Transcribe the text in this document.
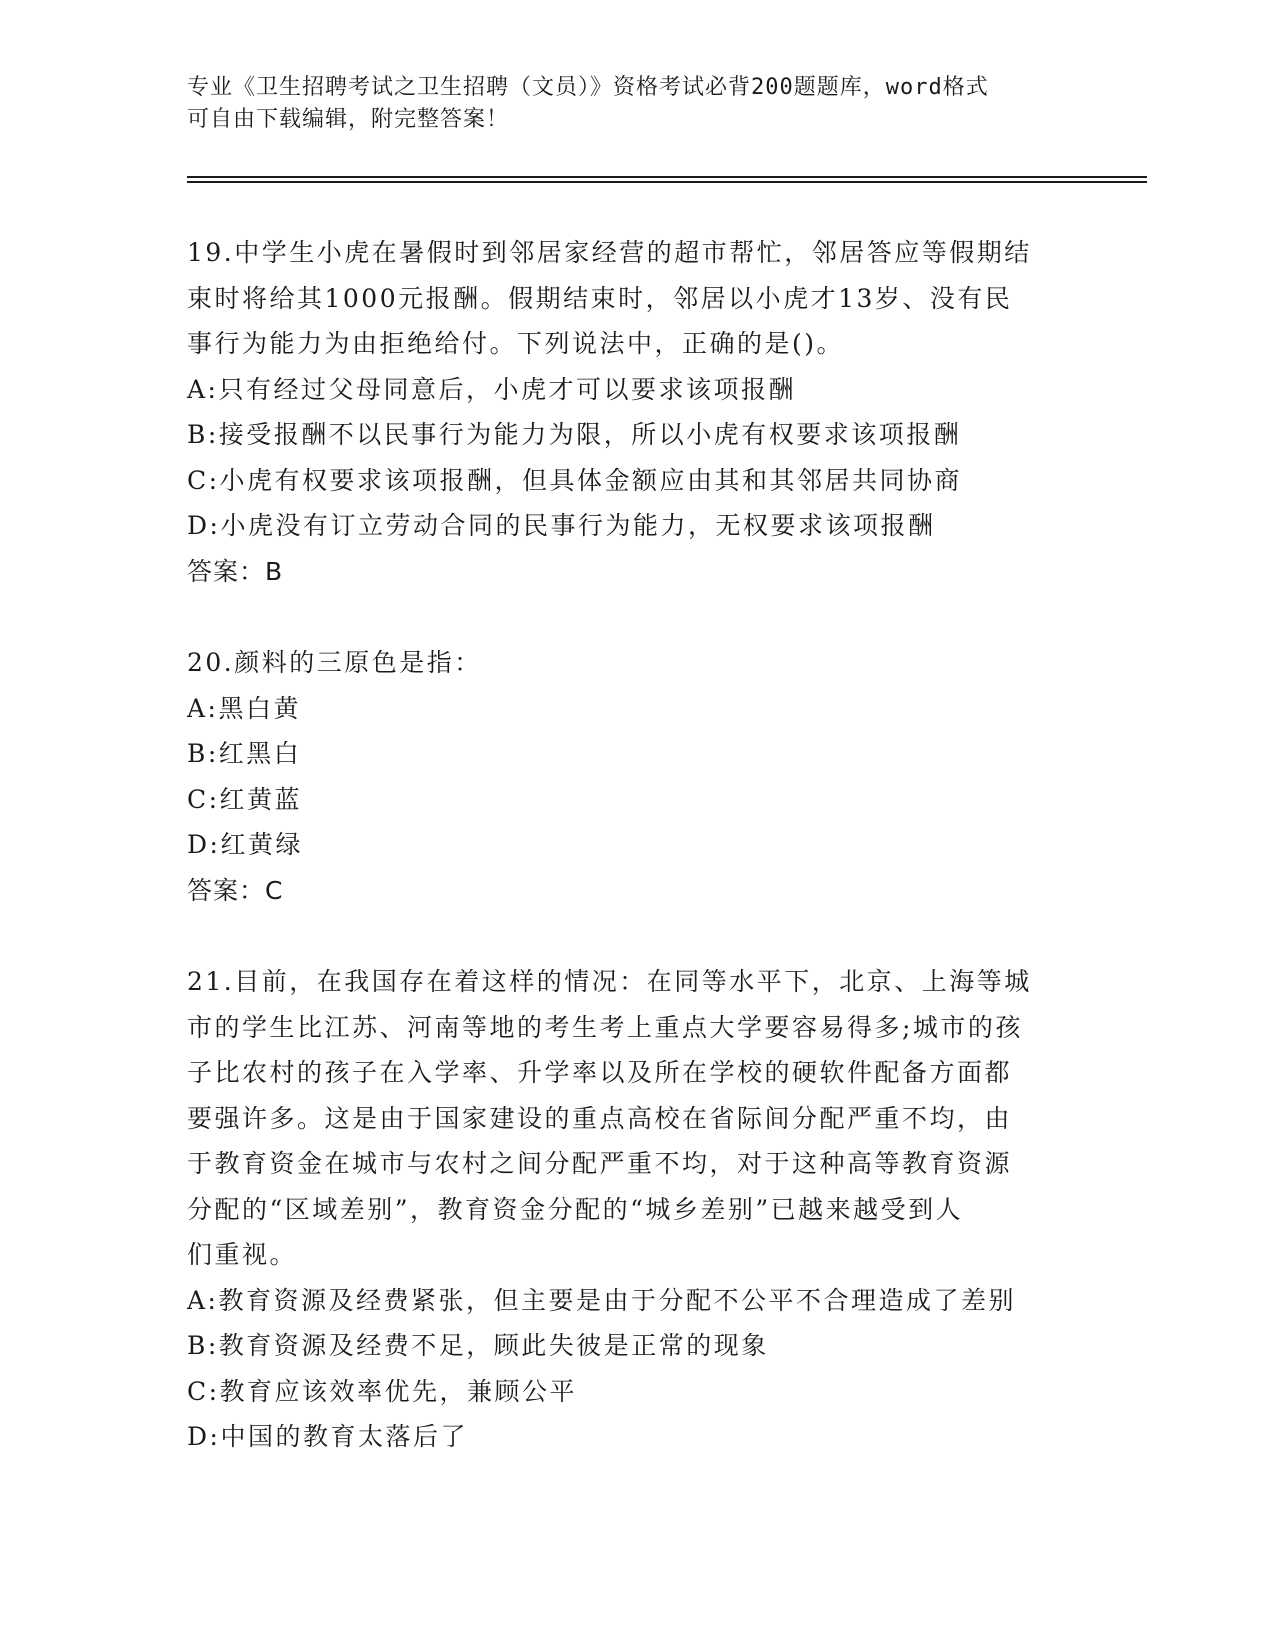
专业《卫生招聘考试之卫生招聘（文员）》资格考试必背200题题库，word格式
可自由下载编辑，附完整答案！
19.中学生小虎在暑假时到邻居家经营的超市帮忙，邻居答应等假期结
束时将给其1000元报酬。假期结束时，邻居以小虎才13岁、没有民
事行为能力为由拒绝给付。下列说法中，正确的是()。
A:只有经过父母同意后，小虎才可以要求该项报酬
B:接受报酬不以民事行为能力为限，所以小虎有权要求该项报酬
C:小虎有权要求该项报酬，但具体金额应由其和其邻居共同协商
D:小虎没有订立劳动合同的民事行为能力，无权要求该项报酬
答案：B
20.颜料的三原色是指：
A:黑白黄
B:红黑白
C:红黄蓝
D:红黄绿
答案：C
21.目前，在我国存在着这样的情况：在同等水平下，北京、上海等城
市的学生比江苏、河南等地的考生考上重点大学要容易得多;城市的孩
子比农村的孩子在入学率、升学率以及所在学校的硬软件配备方面都
要强许多。这是由于国家建设的重点高校在省际间分配严重不均，由
于教育资金在城市与农村之间分配严重不均，对于这种高等教育资源
分配的“区域差别”，教育资金分配的“城乡差别”已越来越受到人
们重视。
A:教育资源及经费紧张，但主要是由于分配不公平不合理造成了差别
B:教育资源及经费不足，顾此失彼是正常的现象
C:教育应该效率优先，兼顾公平
D:中国的教育太落后了
